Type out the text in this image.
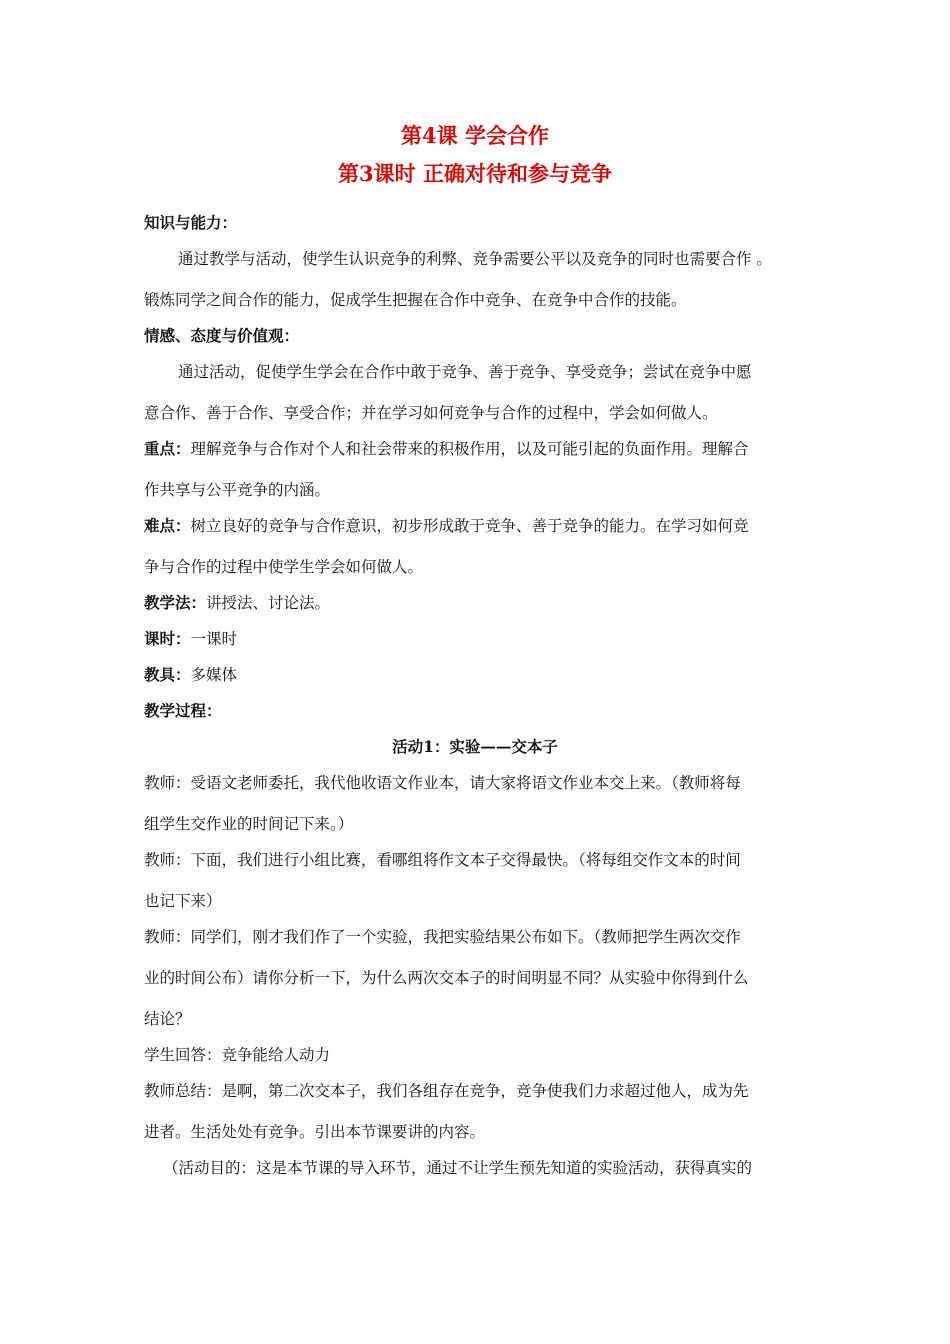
第4课 学会合作
第3课时 正确对待和参与竞争
知识与能力：
通过教学与活动，使学生认识竞争的利弊、竞争需要公平以及竞争的同时也需要合作 。
锻炼同学之间合作的能力，促成学生把握在合作中竞争、在竞争中合作的技能。
情感、态度与价值观：
通过活动，促使学生学会在合作中敢于竞争、善于竞争、享受竞争；尝试在竞争中愿
意合作、善于合作、享受合作；并在学习如何竞争与合作的过程中，学会如何做人。
重点：理解竞争与合作对个人和社会带来的积极作用，以及可能引起的负面作用。理解合
作共享与公平竞争的内涵。
难点：树立良好的竞争与合作意识，初步形成敢于竞争、善于竞争的能力。在学习如何竞
争与合作的过程中使学生学会如何做人。
教学法：讲授法、讨论法。
课时：一课时
教具：多媒体
教学过程：
活动1：实验——交本子
教师：受语文老师委托，我代他收语文作业本，请大家将语文作业本交上来。（教师将每
组学生交作业的时间记下来。）
教师：下面，我们进行小组比赛，看哪组将作文本子交得最快。（将每组交作文本的时间
也记下来）
教师：同学们，刚才我们作了一个实验，我把实验结果公布如下。（教师把学生两次交作
业的时间公布）请你分析一下，为什么两次交本子的时间明显不同？从实验中你得到什么
结论？
学生回答：竞争能给人动力
教师总结：是啊，第二次交本子，我们各组存在竞争，竞争使我们力求超过他人，成为先
进者。生活处处有竞争。引出本节课要讲的内容。
（活动目的：这是本节课的导入环节，通过不让学生预先知道的实验活动，获得真实的
